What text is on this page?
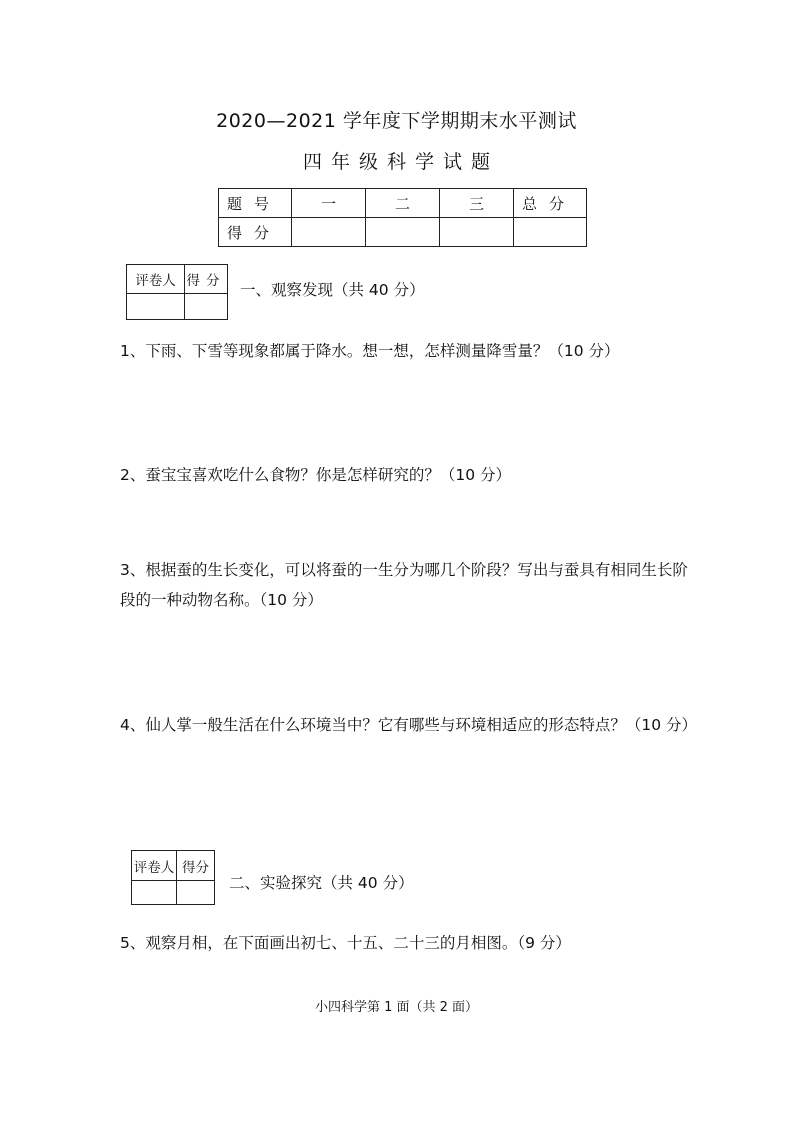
2020—2021 学年度下学期期末水平测试
四年级科学试题
题号	一	二	三	总分
得分				
评卷人	得分
	一、观察发现（共 40 分）
1、下雨、下雪等现象都属于降水。想一想，怎样测量降雪量？（10 分）
2、蚕宝宝喜欢吃什么食物？你是怎样研究的？（10 分）
3、根据蚕的生长变化，可以将蚕的一生分为哪几个阶段？写出与蚕具有相同生长阶段的一种动物名称。（10 分）
4、仙人掌一般生活在什么环境当中？它有哪些与环境相适应的形态特点？（10 分）
评卷人	得分

二、实验探究（共 40 分）
5、观察月相，在下面画出初七、十五、二十三的月相图。（9 分）
小四科学第 1 面（共 2 面）
